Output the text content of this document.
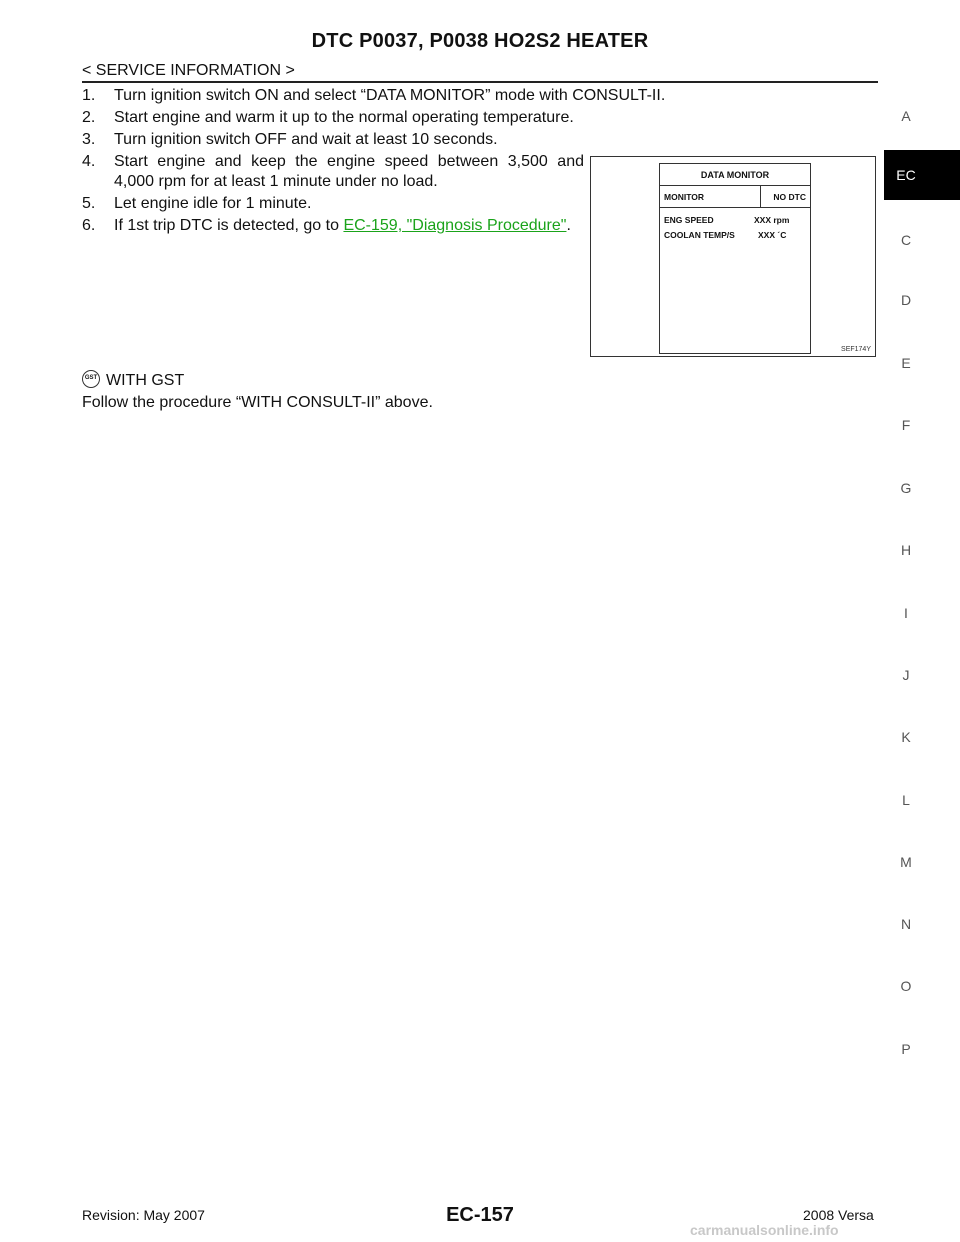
DTC P0037, P0038 HO2S2 HEATER
< SERVICE INFORMATION >
1. Turn ignition switch ON and select “DATA MONITOR” mode with CONSULT-II.
2. Start engine and warm it up to the normal operating temperature.
3. Turn ignition switch OFF and wait at least 10 seconds.
4. Start engine and keep the engine speed between 3,500 and
4,000 rpm for at least 1 minute under no load.
5. Let engine idle for 1 minute.
6. If 1st trip DTC is detected, go to EC-159, "Diagnosis Procedure".
DATA MONITOR
MONITOR	NO DTC
ENG SPEED	XXX rpm
COOLAN TEMP/S	XXX ´C
SEF174Y
GST WITH GST
Follow the procedure “WITH CONSULT-II” above.
EC
A
C
D
E
F
G
H
I
J
K
L
M
N
O
P
Revision: May 2007	EC-157	2008 Versa
carmanualsonline.info
